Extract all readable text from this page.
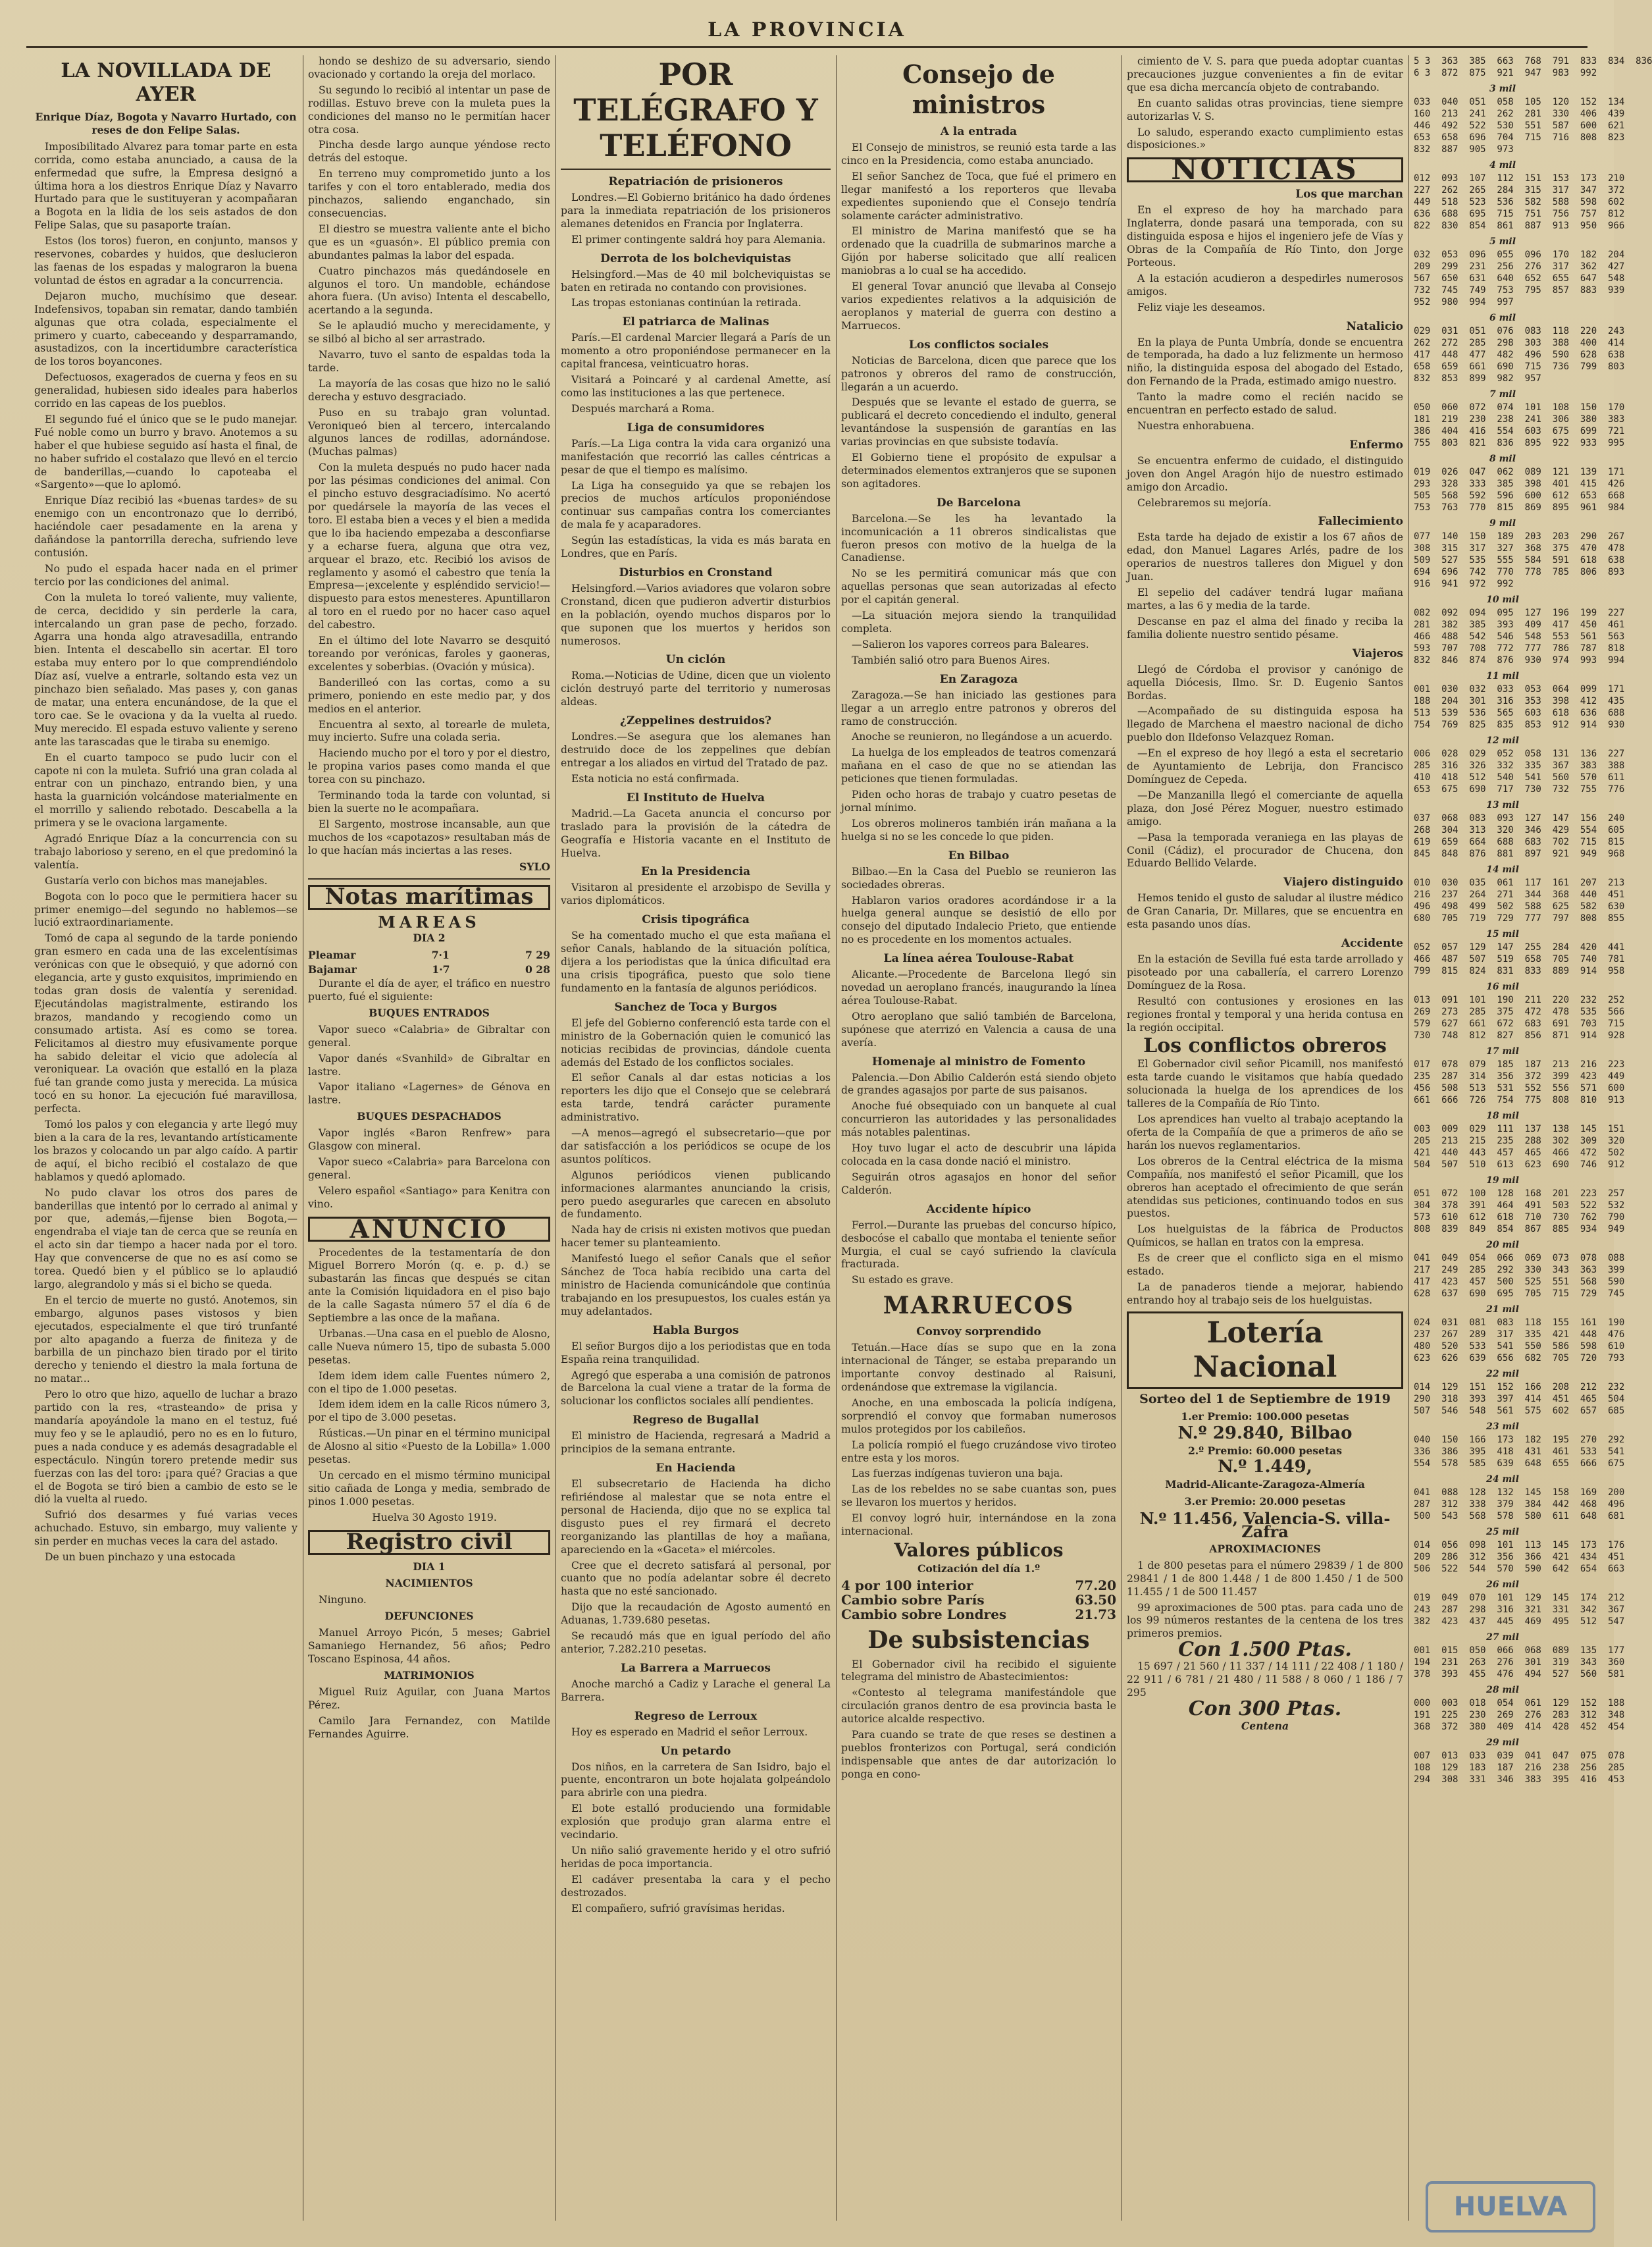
LA PROVINCIA
LA NOVILLADA DE AYER
Enrique Díaz, Bogota y Navarro Hurtado, con reses de don Felipe Salas.

Imposibilitado Alvarez para tomar parte en esta corrida, como estaba anunciado, a causa de la enfermedad que sufre, la Empresa designó a última hora a los diestros Enrique Díaz y Navarro Hurtado para que le sustituyeran y acompañaran a Bogota en la lidia de los seis astados de don Felipe Salas, que su pasaporte traían.

Estos (los toros) fueron, en conjunto, mansos y reservones, cobardes y huidos, que deslucieron las faenas de los espadas y malograron la buena voluntad de éstos en agradar a la concurrencia.

Dejaron mucho, muchísimo que desear. Indefensivos, topaban sin rematar, dando también algunas que otra colada, especialmente el primero y cuarto, cabeceando y desparramando, asustadizos, con la incertidumbre característica de los toros boyancones.

Defectuosos, exagerados de cuerna y feos en su generalidad, hubiesen sido ideales para haberlos corrido en las capeas de los pueblos.

El segundo fué el único que se le pudo manejar. Fué noble como un burro y bravo. Anotemos a su haber el que hubiese seguido así hasta el final, de no haber sufrido el costalazo que llevó en el tercio de banderillas,—cuando lo capoteaba el «Sargento»—que lo aplomó.

Enrique Díaz recibió las «buenas tardes» de su enemigo con un encontronazo que lo derribó, haciéndole caer pesadamente en la arena y dañándose la pantorrilla derecha, sufriendo leve contusión.

No pudo el espada hacer nada en el primer tercio por las condiciones del animal.

Con la muleta lo toreó valiente, muy valiente, de cerca, decidido y sin perderle la cara, intercalando un gran pase de pecho, forzado. Agarra una honda algo atravesadilla, entrando bien. Intenta el descabello sin acertar. El toro estaba muy entero por lo que comprendiéndolo Díaz así, vuelve a entrarle, soltando esta vez un pinchazo bien señalado. Mas pases y, con ganas de matar, una entera encunándose, de la que el toro cae. Se le ovaciona y da la vuelta al ruedo. Muy merecido. El espada estuvo valiente y sereno ante las tarascadas que le tiraba su enemigo.

En el cuarto tampoco se pudo lucir con el capote ni con la muleta. Sufrió una gran colada al entrar con un pinchazo, entrando bien, y una hasta la guarnición volcándose materialmente en el morrillo y saliendo rebotado. Descabella a la primera y se le ovaciona largamente.

Agradó Enrique Díaz a la concurrencia con su trabajo laborioso y sereno, en el que predominó la valentía.

Gustaría verlo con bichos mas manejables.

Bogota con lo poco que le permitiera hacer su primer enemigo—del segundo no hablemos—se lució extraordinariamente.

Tomó de capa al segundo de la tarde poniendo gran esmero en cada una de las excelentísimas verónicas con que le obsequió, y que adornó con elegancia, arte y gusto exquisitos, imprimiendo en todas gran dosis de valentía y serenidad. Ejecutándolas magistralmente, estirando los brazos, mandando y recogiendo como un consumado artista. Así es como se torea. Felicitamos al diestro muy efusivamente porque ha sabido deleitar el vicio que adolecía al veroniquear. La ovación que estalló en la plaza fué tan grande como justa y merecida. La música tocó en su honor. La ejecución fué maravillosa, perfecta.

Tomó los palos y con elegancia y arte llegó muy bien a la cara de la res, levantando artísticamente los brazos y colocando un par algo caído. A partir de aquí, el bicho recibió el costalazo de que hablamos y quedó aplomado.

No pudo clavar los otros dos pares de banderillas que intentó por lo cerrado al animal y por que, además,—fijense bien Bogota,—engendraba el viaje tan de cerca que se reunía en el acto sin dar tiempo a hacer nada por el toro. Hay que convencerse de que no es así como se torea. Quedó bien y el público se lo aplaudió largo, alegrandolo y más si el bicho se queda.

En el tercio de muerte no gustó. Anotemos, sin embargo, algunos pases vistosos y bien ejecutados, especialmente el que tiró trunfanté por alto apagando a fuerza de finiteza y de barbilla de un pinchazo bien tirado por el tirito derecho y teniendo el diestro la mala fortuna de no matar...

Pero lo otro que hizo, aquello de luchar a brazo partido con la res, «trasteando» de prisa y mandaría apoyándole la mano en el testuz, fué muy feo y se le aplaudió, pero no es en lo futuro, pues a nada conduce y es además desagradable el espectáculo. Ningún torero pretende medir sus fuerzas con las del toro: ¡para qué? Gracias a que el de Bogota se tiró bien a cambio de esto se le dió la vuelta al ruedo.

Sufrió dos desarmes y fué varias veces achuchado. Estuvo, sin embargo, muy valiente y sin perder en muchas veces la cara del astado.

De un buen pinchazo y una estocada

hondo se deshizo de su adversario, siendo ovacionado y cortando la oreja del morlaco.

Su segundo lo recibió al intentar un pase de rodillas. Estuvo breve con la muleta pues la condiciones del manso no le permitían hacer otra cosa.

Pincha desde largo aunque yéndose recto detrás del estoque.

En terreno muy comprometido junto a los tarifes y con el toro entablerado, media dos pinchazos, saliendo enganchado, sin consecuencias.

El diestro se muestra valiente ante el bicho que es un «guasón». El público premia con abundantes palmas la labor del espada.

Cuatro pinchazos más quedándosele en algunos el toro. Un mandoble, echándose ahora fuera. (Un aviso) Intenta el descabello, acertando a la segunda.

Se le aplaudió mucho y merecidamente, y se silbó al bicho al ser arrastrado.

Navarro, tuvo el santo de espaldas toda la tarde.

La mayoría de las cosas que hizo no le salió derecha y estuvo desgraciado.

Puso en su trabajo gran voluntad. Veroniqueó bien al tercero, intercalando algunos lances de rodillas, adornándose. (Muchas palmas)

Con la muleta después no pudo hacer nada por las pésimas condiciones del animal. Con el pincho estuvo desgraciadísimo. No acertó por quedársele la mayoría de las veces el toro. El estaba bien a veces y el bien a medida que lo iba haciendo empezaba a desconfiarse y a echarse fuera, alguna que otra vez, arquear el brazo, etc. Recibió los avisos de reglamento y asomó el cabestro que tenía la Empresa—¡excelente y espléndido servicio!—dispuesto para estos menesteres. Apuntillaron al toro en el ruedo por no hacer caso aquel del cabestro.

En el último del lote Navarro se desquitó toreando por verónicas, faroles y gaoneras, excelentes y soberbias. (Ovación y música).

Banderilleó con las cortas, como a su primero, poniendo en este medio par, y dos medios en el anterior.

Encuentra al sexto, al torearle de muleta, muy incierto. Sufre una colada seria.

Haciendo mucho por el toro y por el diestro, le propina varios pases como manda el que torea con su pinchazo.

Terminando toda la tarde con voluntad, si bien la suerte no le acompañara.

El Sargento, mostrose incansable, aun que muchos de los «capotazos» resultaban más de lo que hacían más inciertas a las reses.

SYLO
Notas marítimas
MAREAS
DIA 2
Pleamar	7·1	7 29
Bajamar	1·7	0 28

Durante el día de ayer, el tráfico en nuestro puerto, fué el siguiente:

BUQUES ENTRADOS

Vapor sueco «Calabria» de Gibraltar con general.

Vapor danés «Svanhild» de Gibraltar en lastre.

Vapor italiano «Lagernes» de Génova en lastre.

BUQUES DESPACHADOS

Vapor inglés «Baron Renfrew» para Glasgow con mineral.

Vapor sueco «Calabria» para Barcelona con general.

Velero español «Santiago» para Kenitra con vino.

ANUNCIO

Procedentes de la testamentaría de don Miguel Borrero Morón (q. e. p. d.) se subastarán las fincas que después se citan ante la Comisión liquidadora en el piso bajo de la calle Sagasta número 57 el día 6 de Septiembre a las once de la mañana.

Urbanas.—Una casa en el pueblo de Alosno, calle Nueva número 15, tipo de subasta 5.000 pesetas.

Idem idem idem calle Fuentes número 2, con el tipo de 1.000 pesetas.

Idem idem idem en la calle Ricos número 3, por el tipo de 3.000 pesetas.

Rústicas.—Un pinar en el término municipal de Alosno al sitio «Puesto de la Lobilla» 1.000 pesetas.

Un cercado en el mismo término municipal sitio cañada de Longa y media, sembrado de pinos 1.000 pesetas.

Huelva 30 Agosto 1919.

Registro civil
DIA 1
NACIMIENTOS

Ninguno.

DEFUNCIONES

Manuel Arroyo Picón, 5 meses; Gabriel Samaniego Hernandez, 56 años; Pedro Toscano Espinosa, 44 años.

MATRIMONIOS

Miguel Ruiz Aguilar, con Juana Martos Pérez.

Camilo Jara Fernandez, con Matilde Fernandes Aguirre.

POR TELÉGRAFO Y TELÉFONO
Repatriación de prisioneros

Londres.—El Gobierno británico ha dado órdenes para la inmediata repatriación de los prisioneros alemanes detenidos en Francia por Inglaterra.

El primer contingente saldrá hoy para Alemania.

Derrota de los bolcheviquistas

Helsingford.—Mas de 40 mil bolcheviquistas se baten en retirada no contando con provisiones.

Las tropas estonianas continúan la retirada.

El patriarca de Malinas

París.—El cardenal Marcier llegará a París de un momento a otro proponiéndose permanecer en la capital francesa, veinticuatro horas.

Visitará a Poincaré y al cardenal Amette, así como las instituciones a las que pertenece.

Después marchará a Roma.

Liga de consumidores

París.—La Liga contra la vida cara organizó una manifestación que recorrió las calles céntricas a pesar de que el tiempo es malísimo.

La Liga ha conseguido ya que se rebajen los precios de muchos artículos proponiéndose continuar sus campañas contra los comerciantes de mala fe y acaparadores.

Según las estadísticas, la vida es más barata en Londres, que en París.

Disturbios en Cronstand

Helsingford.—Varios aviadores que volaron sobre Cronstand, dicen que pudieron advertir disturbios en la población, oyendo muchos disparos por lo que suponen que los muertos y heridos son numerosos.

Un ciclón

Roma.—Noticias de Udine, dicen que un violento ciclón destruyó parte del territorio y numerosas aldeas.

¿Zeppelines destruidos?

Londres.—Se asegura que los alemanes han destruido doce de los zeppelines que debían entregar a los aliados en virtud del Tratado de paz.

Esta noticia no está confirmada.

El Instituto de Huelva

Madrid.—La Gaceta anuncia el concurso por traslado para la provisión de la cátedra de Geografía e Historia vacante en el Instituto de Huelva.

En la Presidencia

Visitaron al presidente el arzobispo de Sevilla y varios diplomáticos.

Crisis tipográfica

Se ha comentado mucho el que esta mañana el señor Canals, hablando de la situación política, dijera a los periodistas que la única dificultad era una crisis tipográfica, puesto que solo tiene fundamento en la fantasía de algunos periódicos.

Sanchez de Toca y Burgos

El jefe del Gobierno conferenció esta tarde con el ministro de la Gobernación quien le comunicó las noticias recibidas de provincias, dándole cuenta además del Estado de los conflictos sociales.

El señor Canals al dar estas noticias a los reporters les dijo que el Consejo que se celebrará esta tarde, tendrá carácter puramente administrativo.

—A menos—agregó el subsecretario—que por dar satisfacción a los periódicos se ocupe de los asuntos políticos.

Algunos periódicos vienen publicando informaciones alarmantes anunciando la crisis, pero puedo asegurarles que carecen en absoluto de fundamento.

Nada hay de crisis ni existen motivos que puedan hacer temer su planteamiento.

Manifestó luego el señor Canals que el señor Sánchez de Toca había recibido una carta del ministro de Hacienda comunicándole que continúa trabajando en los presupuestos, los cuales están ya muy adelantados.

Habla Burgos

El señor Burgos dijo a los periodistas que en toda España reina tranquilidad.

Agregó que esperaba a una comisión de patronos de Barcelona la cual viene a tratar de la forma de solucionar los conflictos sociales allí pendientes.

Regreso de Bugallal

El ministro de Hacienda, regresará a Madrid a principios de la semana entrante.

En Hacienda

El subsecretario de Hacienda ha dicho refiriéndose al malestar que se nota entre el personal de Hacienda, dijo que no se explica tal disgusto pues el rey firmará el decreto reorganizando las plantillas de hoy a mañana, apareciendo en la «Gaceta» el miércoles.

Cree que el decreto satisfará al personal, por cuanto que no podía adelantar sobre él decreto hasta que no esté sancionado.

Dijo que la recaudación de Agosto aumentó en Aduanas, 1.739.680 pesetas.

Se recaudó más que en igual período del año anterior, 7.282.210 pesetas.

La Barrera a Marruecos

Anoche marchó a Cadiz y Larache el general La Barrera.

Regreso de Lerroux

Hoy es esperado en Madrid el señor Lerroux.

Un petardo

Dos niños, en la carretera de San Isidro, bajo el puente, encontraron un bote hojalata golpeándolo para abrirle con una piedra.

El bote estalló produciendo una formidable explosión que produjo gran alarma entre el vecindario.

Un niño salió gravemente herido y el otro sufrió heridas de poca importancia.

El cadáver presentaba la cara y el pecho destrozados.

El compañero, sufrió gravísimas heridas.

Consejo de ministros
A la entrada

El Consejo de ministros, se reunió esta tarde a las cinco en la Presidencia, como estaba anunciado.

El señor Sanchez de Toca, que fué el primero en llegar manifestó a los reporteros que llevaba expedientes suponiendo que el Consejo tendría solamente carácter administrativo.

El ministro de Marina manifestó que se ha ordenado que la cuadrilla de submarinos marche a Gijón por haberse solicitado que allí realicen maniobras a lo cual se ha accedido.

El general Tovar anunció que llevaba al Consejo varios expedientes relativos a la adquisición de aeroplanos y material de guerra con destino a Marruecos.

Los conflictos sociales

Noticias de Barcelona, dicen que parece que los patronos y obreros del ramo de construcción, llegarán a un acuerdo.

Después que se levante el estado de guerra, se publicará el decreto concediendo el indulto, general levantándose la suspensión de garantías en las varias provincias en que subsiste todavía.

El Gobierno tiene el propósito de expulsar a determinados elementos extranjeros que se suponen son agitadores.

De Barcelona

Barcelona.—Se les ha levantado la incomunicación a 11 obreros sindicalistas que fueron presos con motivo de la huelga de la Canadiense.

No se les permitirá comunicar más que con aquellas personas que sean autorizadas al efecto por el capitán general.

—La situación mejora siendo la tranquilidad completa.

—Salieron los vapores correos para Baleares.

También salió otro para Buenos Aires.

En Zaragoza

Zaragoza.—Se han iniciado las gestiones para llegar a un arreglo entre patronos y obreros del ramo de construcción.

Anoche se reunieron, no llegándose a un acuerdo.

La huelga de los empleados de teatros comenzará mañana en el caso de que no se atiendan las peticiones que tienen formuladas.

Piden ocho horas de trabajo y cuatro pesetas de jornal mínimo.

Los obreros molineros también irán mañana a la huelga si no se les concede lo que piden.

En Bilbao

Bilbao.—En la Casa del Pueblo se reunieron las sociedades obreras.

Hablaron varios oradores acordándose ir a la huelga general aunque se desistió de ello por consejo del diputado Indalecio Prieto, que entiende no es procedente en los momentos actuales.

La línea aérea Toulouse-Rabat

Alicante.—Procedente de Barcelona llegó sin novedad un aeroplano francés, inaugurando la línea aérea Toulouse-Rabat.

Otro aeroplano que salió también de Barcelona, supónese que aterrizó en Valencia a causa de una avería.

Homenaje al ministro de Fomento

Palencia.—Don Abilio Calderón está siendo objeto de grandes agasajos por parte de sus paisanos.

Anoche fué obsequiado con un banquete al cual concurrieron las autoridades y las personalidades más notables palentinas.

Hoy tuvo lugar el acto de descubrir una lápida colocada en la casa donde nació el ministro.

Seguirán otros agasajos en honor del señor Calderón.

Accidente hípico

Ferrol.—Durante las pruebas del concurso hípico, desbocóse el caballo que montaba el teniente señor Murgia, el cual se cayó sufriendo la clavícula fracturada.

Su estado es grave.

MARRUECOS
Convoy sorprendido

Tetuán.—Hace días se supo que en la zona internacional de Tánger, se estaba preparando un importante convoy destinado al Raisuni, ordenándose que extremase la vigilancia.

Anoche, en una emboscada la policía indígena, sorprendió el convoy que formaban numerosos mulos protegidos por los cabileños.

La policía rompió el fuego cruzándose vivo tiroteo entre esta y los moros.

Las fuerzas indígenas tuvieron una baja.

Las de los rebeldes no se sabe cuantas son, pues se llevaron los muertos y heridos.

El convoy logró huir, internándose en la zona internacional.

Valores públicos
Cotización del día 1.º
4 por 100 interior	77.20
Cambio sobre París	63.50
Cambio sobre Londres	21.73
De subsistencias

El Gobernador civil ha recibido el siguiente telegrama del ministro de Abastecimientos:

«Contesto al telegrama manifestándole que circulación granos dentro de esa provincia basta le autorice alcalde respectivo.

Para cuando se trate de que reses se destinen a pueblos fronterizos con Portugal, será condición indispensable que antes de dar autorización lo ponga en cono-

cimiento de V. S. para que pueda adoptar cuantas precauciones juzgue convenientes a fin de evitar que esa dicha mercancía objeto de contrabando.

En cuanto salidas otras provincias, tiene siempre autorizarlas V. S.

Lo saludo, esperando exacto cumplimiento estas disposiciones.»

NOTICIAS
Los que marchan

En el expreso de hoy ha marchado para Inglaterra, donde pasará una temporada, con su distinguida esposa e hijos el ingeniero jefe de Vías y Obras de la Compañía de Río Tinto, don Jorge Porteous.

A la estación acudieron a despedirles numerosos amigos.

Feliz viaje les deseamos.

Natalicio

En la playa de Punta Umbría, donde se encuentra de temporada, ha dado a luz felizmente un hermoso niño, la distinguida esposa del abogado del Estado, don Fernando de la Prada, estimado amigo nuestro.

Tanto la madre como el recién nacido se encuentran en perfecto estado de salud.

Nuestra enhorabuena.

Enfermo

Se encuentra enfermo de cuidado, el distinguido joven don Angel Aragón hijo de nuestro estimado amigo don Arcadio.

Celebraremos su mejoría.

Fallecimiento

Esta tarde ha dejado de existir a los 67 años de edad, don Manuel Lagares Arlés, padre de los operarios de nuestros talleres don Miguel y don Juan.

El sepelio del cadáver tendrá lugar mañana martes, a las 6 y media de la tarde.

Descanse en paz el alma del finado y reciba la familia doliente nuestro sentido pésame.

Viajeros

Llegó de Córdoba el provisor y canónigo de aquella Diócesis, Ilmo. Sr. D. Eugenio Santos Bordas.

—Acompañado de su distinguida esposa ha llegado de Marchena el maestro nacional de dicho pueblo don Ildefonso Velazquez Roman.

—En el expreso de hoy llegó a esta el secretario de Ayuntamiento de Lebrija, don Francisco Domínguez de Cepeda.

—De Manzanilla llegó el comerciante de aquella plaza, don José Pérez Moguer, nuestro estimado amigo.

—Pasa la temporada veraniega en las playas de Conil (Cádiz), el procurador de Chucena, don Eduardo Bellido Velarde.

Viajero distinguido

Hemos tenido el gusto de saludar al ilustre médico de Gran Canaria, Dr. Millares, que se encuentra en esta pasando unos días.

Accidente

En la estación de Sevilla fué esta tarde arrollado y pisoteado por una caballería, el carrero Lorenzo Domínguez de la Rosa.

Resultó con contusiones y erosiones en las regiones frontal y temporal y una herida contusa en la región occipital.

Los conflictos obreros

El Gobernador civil señor Picamill, nos manifestó esta tarde cuando le visitamos que había quedado solucionada la huelga de los aprendices de los talleres de la Compañía de Río Tinto.

Los aprendices han vuelto al trabajo aceptando la oferta de la Compañía de que a primeros de año se harán los nuevos reglamentarios.

Los obreros de la Central eléctrica de la misma Compañía, nos manifestó el señor Picamill, que los obreros han aceptado el ofrecimiento de que serán atendidas sus peticiones, continuando todos en sus puestos.

Los huelguistas de la fábrica de Productos Químicos, se hallan en tratos con la empresa.

Es de creer que el conflicto siga en el mismo estado.

La de panaderos tiende a mejorar, habiendo entrando hoy al trabajo seis de los huelguistas.

Lotería Nacional
Sorteo del 1 de Septiembre de 1919
1.er Premio: 100.000 pesetas
N.º 29.840, Bilbao
2.º Premio: 60.000 pesetas
N.º 1.449,
Madrid-Alicante-Zaragoza-Almería
3.er Premio: 20.000 pesetas
N.º 11.456, Valencia-S. villa-Zafra
APROXIMACIONES

1 de 800 pesetas para el número 29839 / 1 de 800 29841 / 1 de 800 1.448 / 1 de 800 1.450 / 1 de 500 11.455 / 1 de 500 11.457

99 aproximaciones de 500 ptas. para cada uno de los 99 números restantes de la centena de los tres primeros premios.

Con 1.500 Ptas.

15 697 / 21 560 / 11 337 / 14 111 / 22 408 / 1 180 / 22 911 / 6 781 / 21 480 / 11 588 / 8 060 / 1 186 / 7 295

Con 300 Ptas.
Centena
5 3  363  385  663  768  791  833  834  836
6 3  872  875  921  947  983  992
3 mil
033  040  051  058  105  120  152  134
160  213  241  262  281  330  406  439
446  492  522  530  551  587  600  621
653  658  696  704  715  716  808  823
832  887  905  973
4 mil
012  093  107  112  151  153  173  210
227  262  265  284  315  317  347  372
449  518  523  536  582  588  598  602
636  688  695  715  751  756  757  812
822  830  854  861  887  913  950  966
5 mil
032  053  096  055  096  170  182  204
209  299  231  256  276  317  362  427
567  650  631  640  652  655  647  548
732  745  749  753  795  857  883  939
952  980  994  997
6 mil
029  031  051  076  083  118  220  243
262  272  285  298  303  388  400  414
417  448  477  482  496  590  628  638
658  659  661  690  715  736  799  803
832  853  899  982  957
7 mil
050  060  072  074  101  108  150  170
181  219  230  238  241  306  380  383
386  404  416  554  603  675  699  721
755  803  821  836  895  922  933  995
8 mil
019  026  047  062  089  121  139  171
293  328  333  385  398  401  415  426
505  568  592  596  600  612  653  668
753  763  770  815  869  895  961  984
9 mil
077  140  150  189  203  203  290  267
308  315  317  327  368  375  470  478
509  527  535  555  584  591  618  638
694  696  742  770  778  785  806  893
916  941  972  992
10 mil
082  092  094  095  127  196  199  227
281  382  385  393  409  417  450  461
466  488  542  546  548  553  561  563
593  707  708  772  777  786  787  818
832  846  874  876  930  974  993  994
11 mil
001  030  032  033  053  064  099  171
188  204  301  316  353  398  412  435
513  539  536  565  603  618  636  688
754  769  825  835  853  912  914  930
12 mil
006  028  029  052  058  131  136  227
285  316  326  332  335  367  383  388
410  418  512  540  541  560  570  611
653  675  690  717  730  732  755  776
13 mil
037  068  083  093  127  147  156  240
268  304  313  320  346  429  554  605
619  659  664  688  683  702  715  815
845  848  876  881  897  921  949  968
14 mil
010  030  035  061  117  161  207  213
216  237  264  271  344  368  440  451
496  498  499  502  588  625  582  630
680  705  719  729  777  797  808  855
15 mil
052  057  129  147  255  284  420  441
466  487  507  519  658  705  740  781
799  815  824  831  833  889  914  958
16 mil
013  091  101  190  211  220  232  252
269  273  285  375  472  478  535  566
579  627  661  672  683  691  703  715
730  748  812  827  856  871  914  928
17 mil
017  078  079  185  187  213  216  223
235  287  314  356  372  399  423  449
456  508  513  531  552  556  571  600
661  666  726  754  775  808  810  913
18 mil
003  009  029  111  137  138  145  151
205  213  215  235  288  302  309  320
421  440  443  457  465  466  472  502
504  507  510  613  623  690  746  912
19 mil
051  072  100  128  168  201  223  257
304  378  391  464  491  503  522  532
573  610  612  618  710  730  762  790
808  839  849  854  867  885  934  949
20 mil
041  049  054  066  069  073  078  088
217  249  285  292  330  343  363  399
417  423  457  500  525  551  568  590
628  637  690  695  705  715  729  745
21 mil
024  031  081  083  118  155  161  190
237  267  289  317  335  421  448  476
480  520  533  541  550  586  598  610
623  626  639  656  682  705  720  793
22 mil
014  129  151  152  166  208  212  232
290  318  393  397  414  451  465  504
507  546  548  561  575  602  657  685
23 mil
040  150  166  173  182  195  270  292
336  386  395  418  431  461  533  541
554  578  585  639  648  655  666  675
24 mil
041  088  128  132  145  158  169  200
287  312  338  379  384  442  468  496
500  543  568  578  580  611  648  681
25 mil
014  056  098  101  113  145  173  176
209  286  312  356  366  421  434  451
506  522  544  570  590  642  654  663
26 mil
019  049  070  101  129  145  174  212
243  287  298  316  321  331  342  367
382  423  437  445  469  495  512  547
27 mil
001  015  050  066  068  089  135  177
194  231  263  276  301  319  343  360
378  393  455  476  494  527  560  581
28 mil
000  003  018  054  061  129  152  188
191  225  230  269  276  283  312  348
368  372  380  409  414  428  452  454
29 mil
007  013  033  039  041  047  075  078
108  129  183  187  216  238  256  285
294  308  331  346  383  395  416  453
HUELVA
